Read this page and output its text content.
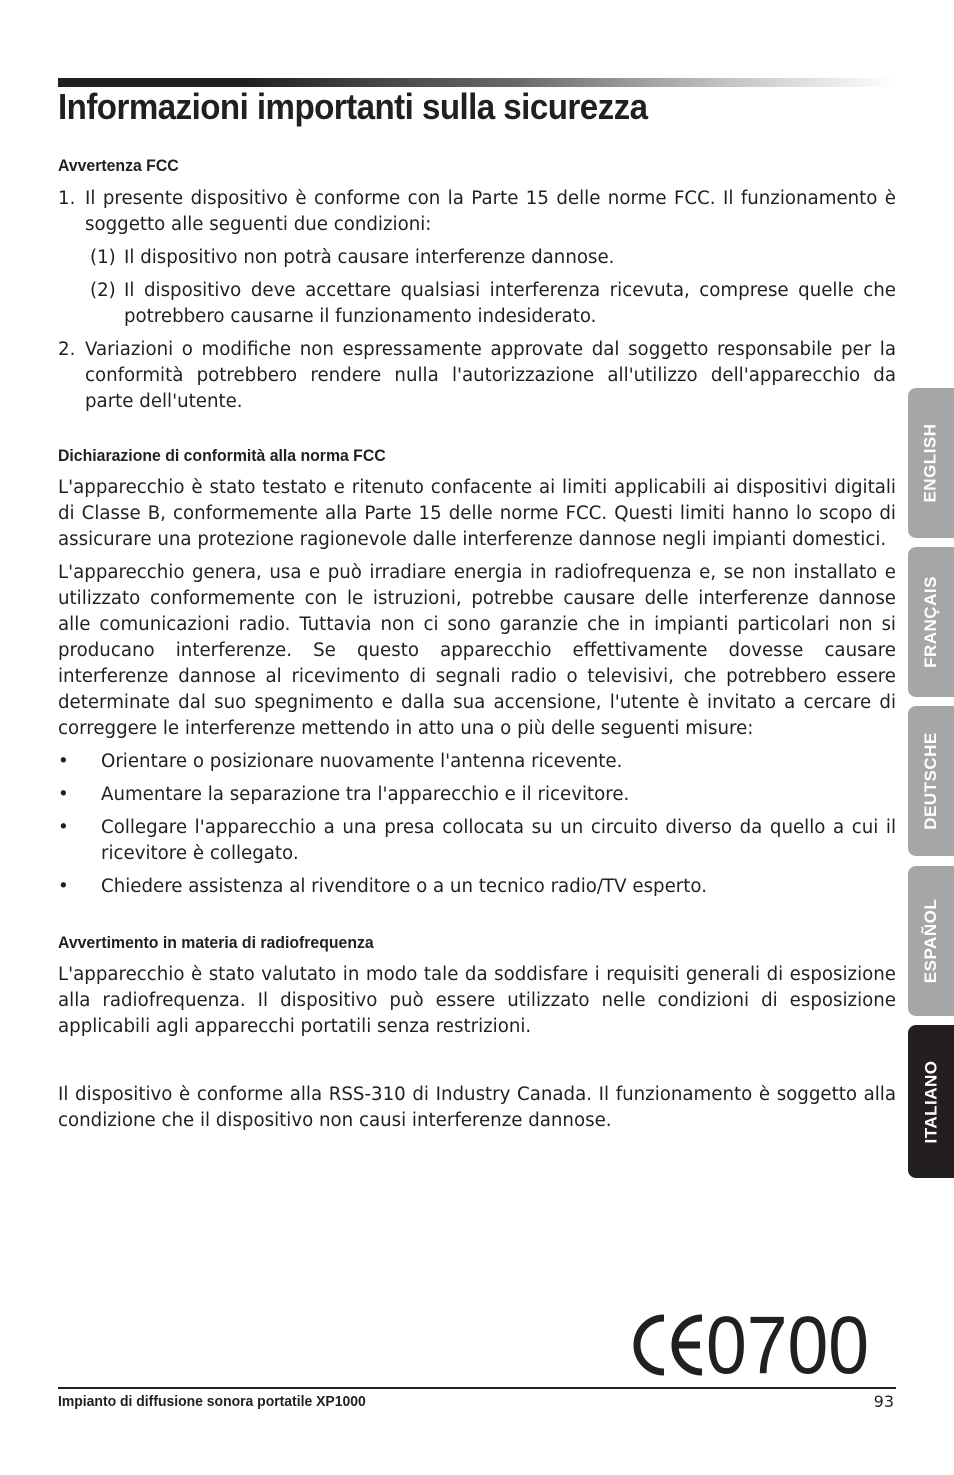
Informazioni importanti sulla sicurezza
Avvertenza FCC
1. Il presente dispositivo è conforme con la Parte 15 delle norme FCC. Il funzionamento è soggetto alle seguenti due condizioni:
(1) Il dispositivo non potrà causare interferenze dannose.
(2) Il dispositivo deve accettare qualsiasi interferenza ricevuta, comprese quelle che potrebbero causarne il funzionamento indesiderato.
2. Variazioni o modifiche non espressamente approvate dal soggetto responsabile per la conformità potrebbero rendere nulla l'autorizzazione all'utilizzo dell'apparecchio da parte dell'utente.
Dichiarazione di conformità alla norma FCC

L'apparecchio è stato testato e ritenuto confacente ai limiti applicabili ai dispositivi digitali di Classe B, conformemente alla Parte 15 delle norme FCC. Questi limiti hanno lo scopo di assicurare una protezione ragionevole dalle interferenze dannose negli impianti domestici.

L'apparecchio genera, usa e può irradiare energia in radiofrequenza e, se non installato e utilizzato conformemente con le istruzioni, potrebbe causare delle interferenze dannose alle comunicazioni radio. Tuttavia non ci sono garanzie che in impianti particolari non si producano interferenze. Se questo apparecchio effettivamente dovesse causare interferenze dannose al ricevimento di segnali radio o televisivi, che potrebbero essere determinate dal suo spegnimento e dalla sua accensione, l'utente è invitato a cercare di correggere le interferenze mettendo in atto una o più delle seguenti misure:

• Orientare o posizionare nuovamente l'antenna ricevente.
• Aumentare la separazione tra l'apparecchio e il ricevitore.
• Collegare l'apparecchio a una presa collocata su un circuito diverso da quello a cui il ricevitore è collegato.
• Chiedere assistenza al rivenditore o a un tecnico radio/TV esperto.
Avvertimento in materia di radiofrequenza

L'apparecchio è stato valutato in modo tale da soddisfare i requisiti generali di esposizione alla radiofrequenza. Il dispositivo può essere utilizzato nelle condizioni di esposizione applicabili agli apparecchi portatili senza restrizioni.

Il dispositivo è conforme alla RSS-310 di Industry Canada. Il funzionamento è soggetto alla condizione che il dispositivo non causi interferenze dannose.

ENGLISH
FRANÇAIS
DEUTSCHE
ESPAÑOL
ITALIANO
0700
Impianto di diffusione sonora portatile XP1000	93
